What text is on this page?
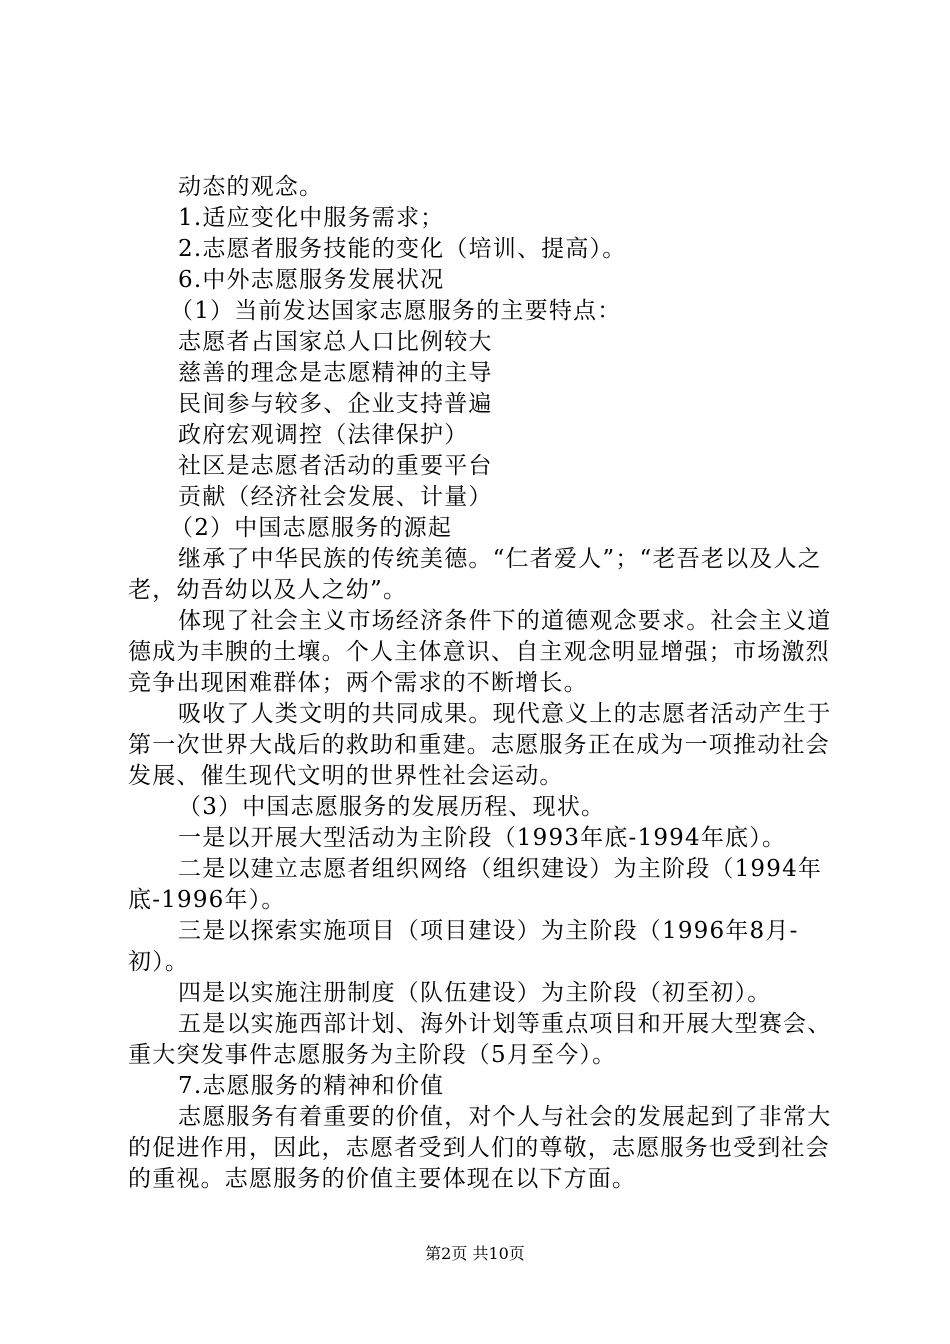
动态的观念。
1.适应变化中服务需求；
2.志愿者服务技能的变化（培训、提高）。
6.中外志愿服务发展状况
（1）当前发达国家志愿服务的主要特点：
志愿者占国家总人口比例较大
慈善的理念是志愿精神的主导
民间参与较多、企业支持普遍
政府宏观调控（法律保护）
社区是志愿者活动的重要平台
贡献（经济社会发展、计量）
（2）中国志愿服务的源起
继承了中华民族的传统美德。“仁者爱人”；“老吾老以及人之老，幼吾幼以及人之幼”。
体现了社会主义市场经济条件下的道德观念要求。社会主义道德成为丰腴的土壤。个人主体意识、自主观念明显增强；市场激烈竞争出现困难群体；两个需求的不断增长。
吸收了人类文明的共同成果。现代意义上的志愿者活动产生于第一次世界大战后的救助和重建。志愿服务正在成为一项推动社会发展、催生现代文明的世界性社会运动。
（3）中国志愿服务的发展历程、现状。
一是以开展大型活动为主阶段（1993年底-1994年底）。
二是以建立志愿者组织网络（组织建设）为主阶段（1994年底-1996年）。
三是以探索实施项目（项目建设）为主阶段（1996年8月-初）。
四是以实施注册制度（队伍建设）为主阶段（初至初）。
五是以实施西部计划、海外计划等重点项目和开展大型赛会、重大突发事件志愿服务为主阶段（5月至今）。
7.志愿服务的精神和价值
志愿服务有着重要的价值，对个人与社会的发展起到了非常大的促进作用，因此，志愿者受到人们的尊敬，志愿服务也受到社会的重视。志愿服务的价值主要体现在以下方面。
第2页 共10页
